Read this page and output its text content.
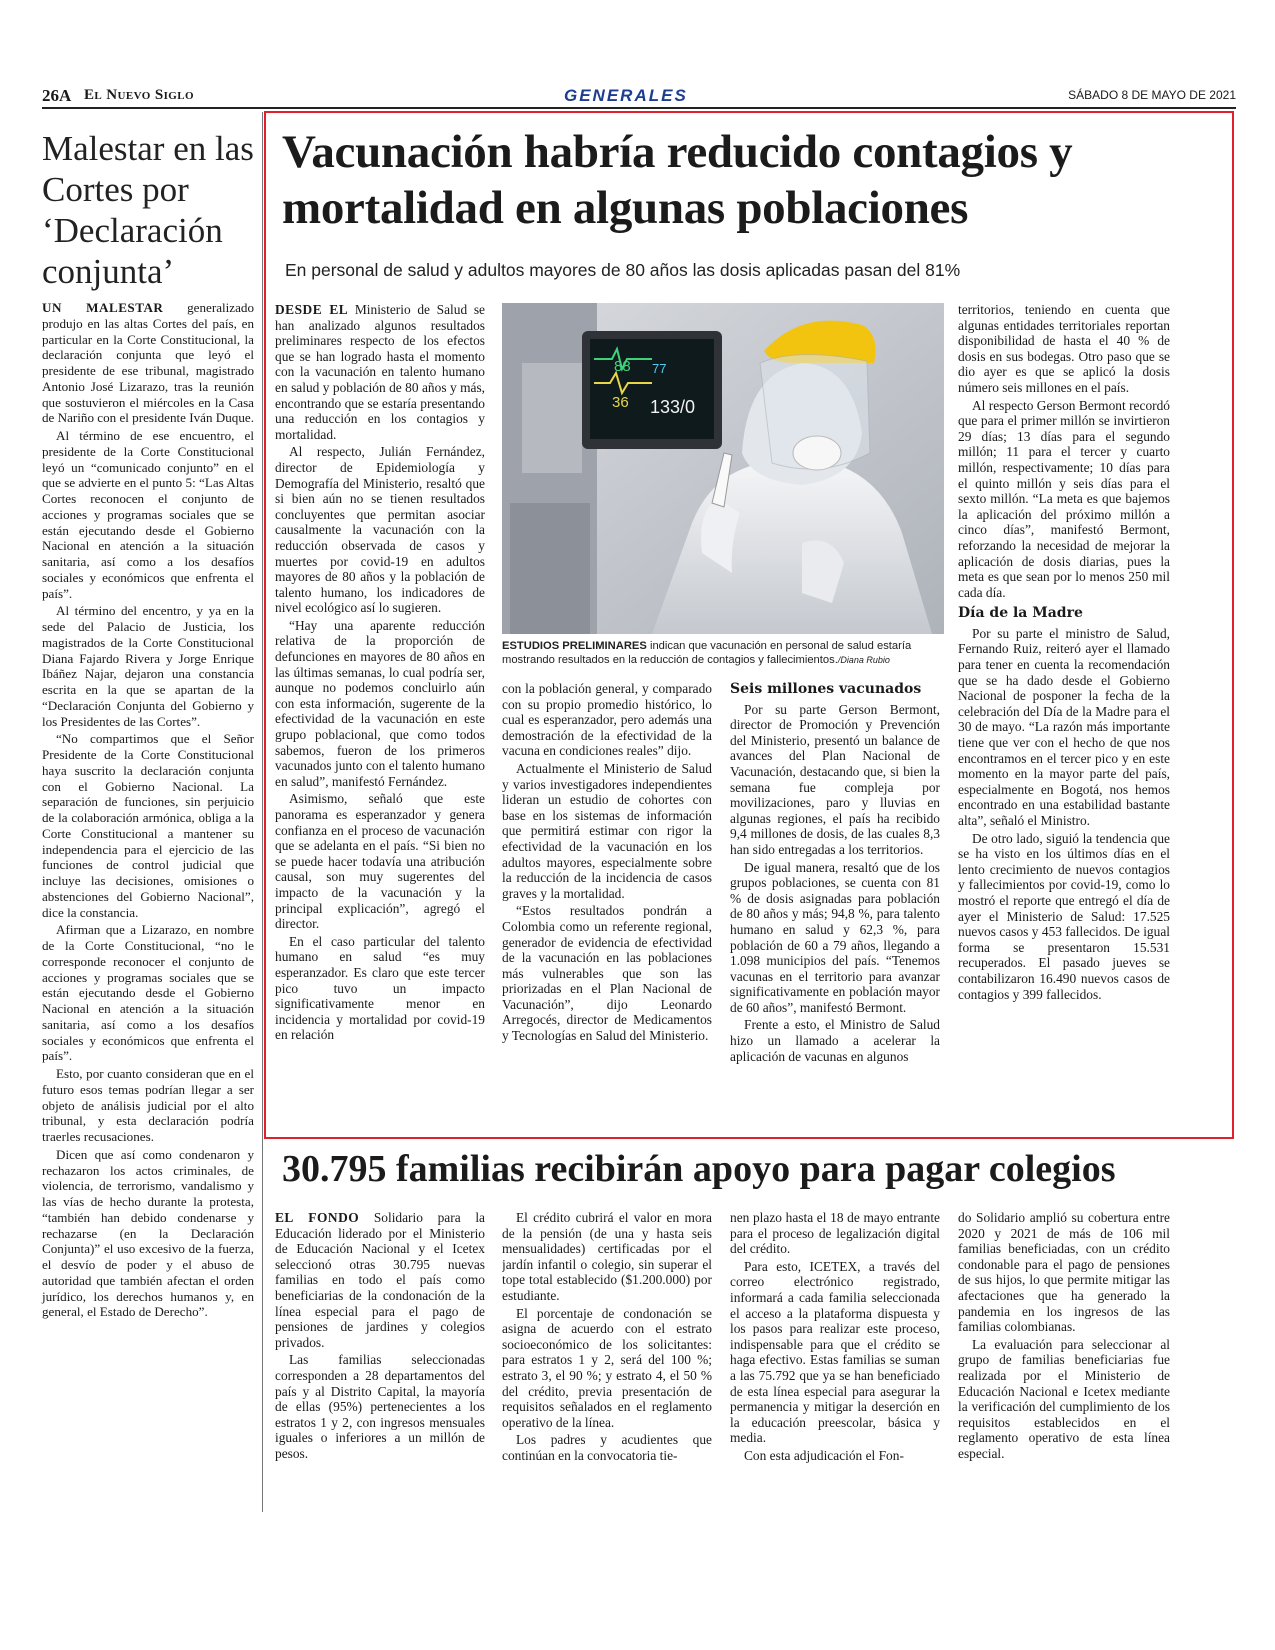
26A El Nuevo Siglo	GENERALES	SÁBADO 8 DE MAYO DE 2021
Malestar en las Cortes por ‘Declaración conjunta’

UN MALESTAR generalizado produjo en las altas Cortes del país, en particular en la Corte Constitucional, la declaración conjunta que leyó el presidente de ese tribunal, magistrado Antonio José Lizarazo, tras la reunión que sostuvieron el miércoles en la Casa de Nariño con el presidente Iván Duque.

Al término de ese encuentro, el presidente de la Corte Constitucional leyó un “comunicado conjunto” en el que se advierte en el punto 5: “Las Altas Cortes reconocen el conjunto de acciones y programas sociales que se están ejecutando desde el Gobierno Nacional en atención a la situación sanitaria, así como a los desafíos sociales y económicos que enfrenta el país”.

Al término del encentro, y ya en la sede del Palacio de Justicia, los magistrados de la Corte Constitucional Diana Fajardo Rivera y Jorge Enrique Ibáñez Najar, dejaron una constancia escrita en la que se apartan de la “Declaración Conjunta del Gobierno y los Presidentes de las Cortes”.

“No compartimos que el Señor Presidente de la Corte Constitucional haya suscrito la declaración conjunta con el Gobierno Nacional. La separación de funciones, sin perjuicio de la colaboración armónica, obliga a la Corte Constitucional a mantener su independencia para el ejercicio de las funciones de control judicial que incluye las decisiones, omisiones o abstenciones del Gobierno Nacional”, dice la constancia.

Afirman que a Lizarazo, en nombre de la Corte Constitucional, “no le corresponde reconocer el conjunto de acciones y programas sociales que se están ejecutando desde el Gobierno Nacional en atención a la situación sanitaria, así como a los desafíos sociales y económicos que enfrenta el país”.

Esto, por cuanto consideran que en el futuro esos temas podrían llegar a ser objeto de análisis judicial por el alto tribunal, y esta declaración podría traerles recusaciones.

Dicen que así como condenaron y rechazaron los actos criminales, de violencia, de terrorismo, vandalismo y las vías de hecho durante la protesta, “también han debido condenarse y rechazarse (en la Declaración Conjunta)” el uso excesivo de la fuerza, el desvío de poder y el abuso de autoridad que también afectan el orden jurídico, los derechos humanos y, en general, el Estado de Derecho”.

Vacunación habría reducido contagios y mortalidad en algunas poblaciones
En personal de salud y adultos mayores de 80 años las dosis aplicadas pasan del 81%

DESDE EL Ministerio de Salud se han analizado algunos resultados preliminares respecto de los efectos que se han logrado hasta el momento con la vacunación en talento humano en salud y población de 80 años y más, encontrando que se estaría presentando una reducción en los contagios y mortalidad.

Al respecto, Julián Fernández, director de Epidemiología y Demografía del Ministerio, resaltó que si bien aún no se tienen resultados concluyentes que permitan asociar causalmente la vacunación con la reducción observada de casos y muertes por covid-19 en adultos mayores de 80 años y la población de talento humano, los indicadores de nivel ecológico así lo sugieren.

“Hay una aparente reducción relativa de la proporción de defunciones en mayores de 80 años en las últimas semanas, lo cual podría ser, aunque no podemos concluirlo aún con esta información, sugerente de la efectividad de la vacunación en este grupo poblacional, que como todos sabemos, fueron de los primeros vacunados junto con el talento humano en salud”, manifestó Fernández.

Asimismo, señaló que este panorama es esperanzador y genera confianza en el proceso de vacunación que se adelanta en el país. “Si bien no se puede hacer todavía una atribución causal, son muy sugerentes del impacto de la vacunación y la principal explicación”, agregó el director.

En el caso particular del talento humano en salud “es muy esperanzador. Es claro que este tercer pico tuvo un impacto significativamente menor en incidencia y mortalidad por covid-19 en relación

88 77
36 133/0
ESTUDIOS PRELIMINARES indican que vacunación en personal de salud estaría mostrando resultados en la reducción de contagios y fallecimientos./Diana Rubio

con la población general, y comparado con su propio promedio histórico, lo cual es esperanzador, pero además una demostración de la efectividad de la vacuna en condiciones reales” dijo.

Actualmente el Ministerio de Salud y varios investigadores independientes lideran un estudio de cohortes con base en los sistemas de información que permitirá estimar con rigor la efectividad de la vacunación en los adultos mayores, especialmente sobre la reducción de la incidencia de casos graves y la mortalidad.

“Estos resultados pondrán a Colombia como un referente regional, generador de evidencia de efectividad de la vacunación en las poblaciones más vulnerables que son las priorizadas en el Plan Nacional de Vacunación”, dijo Leonardo Arregocés, director de Medicamentos y Tecnologías en Salud del Ministerio.

Seis millones vacunados

Por su parte Gerson Bermont, director de Promoción y Prevención del Ministerio, presentó un balance de avances del Plan Nacional de Vacunación, destacando que, si bien la semana fue compleja por movilizaciones, paro y lluvias en algunas regiones, el país ha recibido 9,4 millones de dosis, de las cuales 8,3 han sido entregadas a los territorios.

De igual manera, resaltó que de los grupos poblaciones, se cuenta con 81 % de dosis asignadas para población de 80 años y más; 94,8 %, para talento humano en salud y 62,3 %, para población de 60 a 79 años, llegando a 1.098 municipios del país. “Tenemos vacunas en el territorio para avanzar significativamente en población mayor de 60 años”, manifestó Bermont.

Frente a esto, el Ministro de Salud hizo un llamado a acelerar la aplicación de vacunas en algunos

territorios, teniendo en cuenta que algunas entidades territoriales reportan disponibilidad de hasta el 40 % de dosis en sus bodegas. Otro paso que se dio ayer es que se aplicó la dosis número seis millones en el país.

Al respecto Gerson Bermont recordó que para el primer millón se invirtieron 29 días; 13 días para el segundo millón; 11 para el tercer y cuarto millón, respectivamente; 10 días para el quinto millón y seis días para el sexto millón. “La meta es que bajemos la aplicación del próximo millón a cinco días”, manifestó Bermont, reforzando la necesidad de mejorar la aplicación de dosis diarias, pues la meta es que sean por lo menos 250 mil cada día.

Día de la Madre

Por su parte el ministro de Salud, Fernando Ruiz, reiteró ayer el llamado para tener en cuenta la recomendación que se ha dado desde el Gobierno Nacional de posponer la fecha de la celebración del Día de la Madre para el 30 de mayo. “La razón más importante tiene que ver con el hecho de que nos encontramos en el tercer pico y en este momento en la mayor parte del país, especialmente en Bogotá, nos hemos encontrado en una estabilidad bastante alta”, señaló el Ministro.

De otro lado, siguió la tendencia que se ha visto en los últimos días en el lento crecimiento de nuevos contagios y fallecimientos por covid-19, como lo mostró el reporte que entregó el día de ayer el Ministerio de Salud: 17.525 nuevos casos y 453 fallecidos. De igual forma se presentaron 15.531 recuperados. El pasado jueves se contabilizaron 16.490 nuevos casos de contagios y 399 fallecidos.

30.795 familias recibirán apoyo para pagar colegios

EL FONDO Solidario para la Educación liderado por el Ministerio de Educación Nacional y el Icetex seleccionó otras 30.795 nuevas familias en todo el país como beneficiarias de la condonación de la línea especial para el pago de pensiones de jardines y colegios privados.

Las familias seleccionadas corresponden a 28 departamentos del país y al Distrito Capital, la mayoría de ellas (95%) pertenecientes a los estratos 1 y 2, con ingresos mensuales iguales o inferiores a un millón de pesos.

El crédito cubrirá el valor en mora de la pensión (de una y hasta seis mensualidades) certificadas por el jardín infantil o colegio, sin superar el tope total establecido ($1.200.000) por estudiante.

El porcentaje de condonación se asigna de acuerdo con el estrato socioeconómico de los solicitantes: para estratos 1 y 2, será del 100 %; estrato 3, el 90 %; y estrato 4, el 50 % del crédito, previa presentación de requisitos señalados en el reglamento operativo de la línea.

Los padres y acudientes que continúan en la convocatoria tie-

nen plazo hasta el 18 de mayo entrante para el proceso de legalización digital del crédito.

Para esto, ICETEX, a través del correo electrónico registrado, informará a cada familia seleccionada el acceso a la plataforma dispuesta y los pasos para realizar este proceso, indispensable para que el crédito se haga efectivo. Estas familias se suman a las 75.792 que ya se han beneficiado de esta línea especial para asegurar la permanencia y mitigar la deserción en la educación preescolar, básica y media.

Con esta adjudicación el Fon-

do Solidario amplió su cobertura entre 2020 y 2021 de más de 106 mil familias beneficiadas, con un crédito condonable para el pago de pensiones de sus hijos, lo que permite mitigar las afectaciones que ha generado la pandemia en los ingresos de las familias colombianas.

La evaluación para seleccionar al grupo de familias beneficiarias fue realizada por el Ministerio de Educación Nacional e Icetex mediante la verificación del cumplimiento de los requisitos establecidos en el reglamento operativo de esta línea especial.
